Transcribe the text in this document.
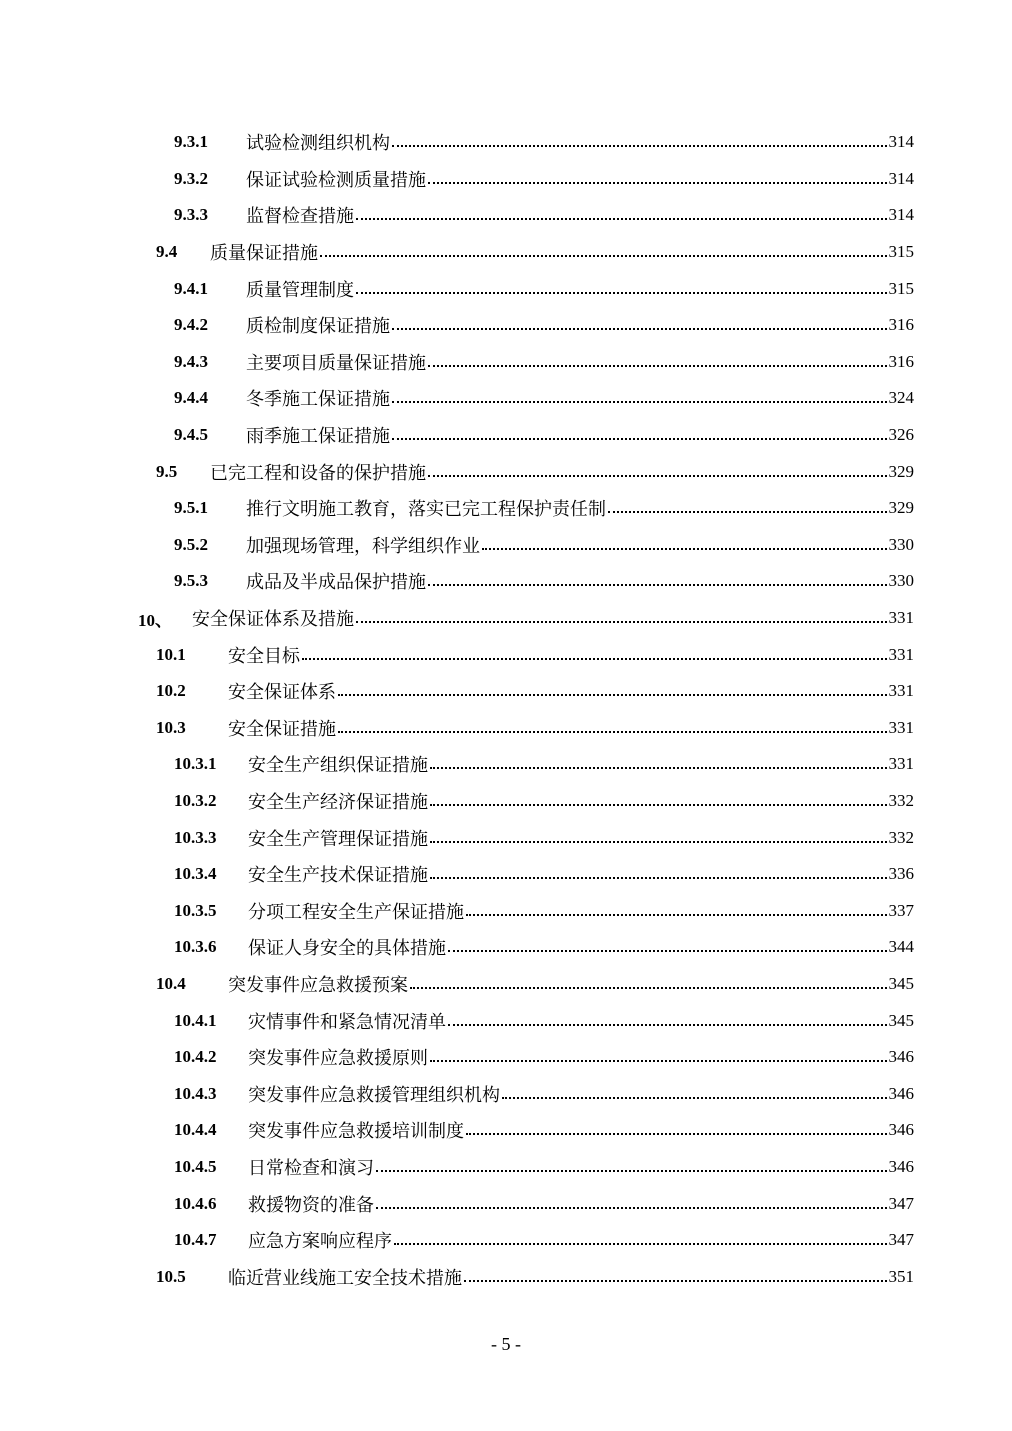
9.3.1 试验检测组织机构	314
9.3.2 保证试验检测质量措施	314
9.3.3 监督检查措施	314
9.4 质量保证措施	315
9.4.1 质量管理制度	315
9.4.2 质检制度保证措施	316
9.4.3 主要项目质量保证措施	316
9.4.4 冬季施工保证措施	324
9.4.5 雨季施工保证措施	326
9.5 已完工程和设备的保护措施	329
9.5.1 推行文明施工教育，落实已完工程保护责任制	329
9.5.2 加强现场管理，科学组织作业	330
9.5.3 成品及半成品保护措施	330
10、 安全保证体系及措施	331
10.1 安全目标	331
10.2 安全保证体系	331
10.3 安全保证措施	331
10.3.1 安全生产组织保证措施	331
10.3.2 安全生产经济保证措施	332
10.3.3 安全生产管理保证措施	332
10.3.4 安全生产技术保证措施	336
10.3.5 分项工程安全生产保证措施	337
10.3.6 保证人身安全的具体措施	344
10.4 突发事件应急救援预案	345
10.4.1 灾情事件和紧急情况清单	345
10.4.2 突发事件应急救援原则	346
10.4.3 突发事件应急救援管理组织机构	346
10.4.4 突发事件应急救援培训制度	346
10.4.5 日常检查和演习	346
10.4.6 救援物资的准备	347
10.4.7 应急方案响应程序	347
10.5 临近营业线施工安全技术措施	351
- 5 -
